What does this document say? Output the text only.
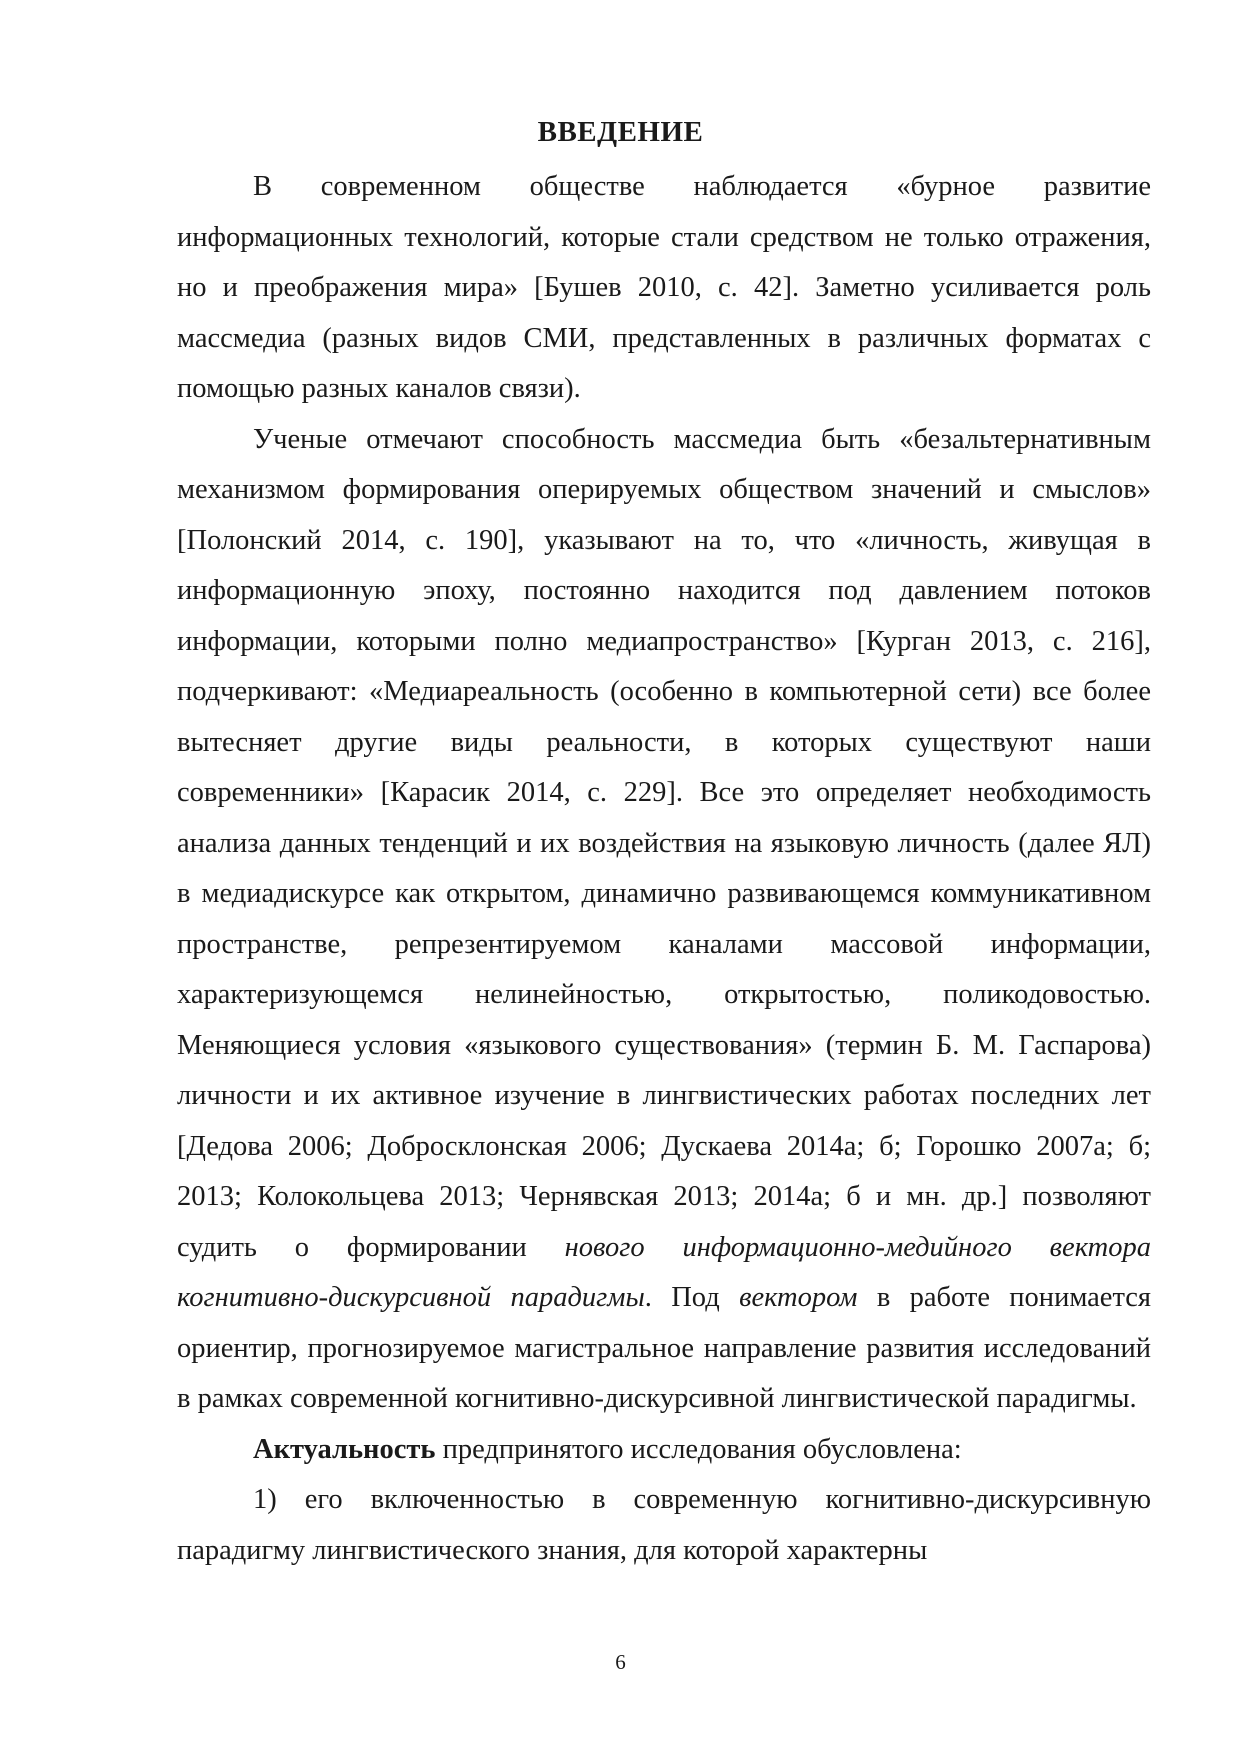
ВВЕДЕНИЕ

В современном обществе наблюдается «бурное развитие информационных технологий, которые стали средством не только отражения, но и преображения мира» [Бушев 2010, с. 42]. Заметно усиливается роль массмедиа (разных видов СМИ, представленных в различных форматах с помощью разных каналов связи).

Ученые отмечают способность массмедиа быть «безальтернативным механизмом формирования оперируемых обществом значений и смыслов» [Полонский 2014, с. 190], указывают на то, что «личность, живущая в информационную эпоху, постоянно находится под давлением потоков информации, которыми полно медиапространство» [Курган 2013, с. 216], подчеркивают: «Медиареальность (особенно в компьютерной сети) все более вытесняет другие виды реальности, в которых существуют наши современники» [Карасик 2014, с. 229]. Все это определяет необходимость анализа данных тенденций и их воздействия на языковую личность (далее ЯЛ) в медиадискурсе как открытом, динамично развивающемся коммуникативном пространстве, репрезентируемом каналами массовой информации, характеризующемся нелинейностью, открытостью, поликодовостью. Меняющиеся условия «языкового существования» (термин Б. М. Гаспарова) личности и их активное изучение в лингвистических работах последних лет [Дедова 2006; Добросклонская 2006; Дускаева 2014а; б; Горошко 2007а; б; 2013; Колокольцева 2013; Чернявская 2013; 2014а; б и мн. др.] позволяют судить о формировании нового информационно-медийного вектора когнитивно-дискурсивной парадигмы. Под вектором в работе понимается ориентир, прогнозируемое магистральное направление развития исследований в рамках современной когнитивно-дискурсивной лингвистической парадигмы.

Актуальность предпринятого исследования обусловлена:

1) его включенностью в современную когнитивно-дискурсивную парадигму лингвистического знания, для которой характерны

6
